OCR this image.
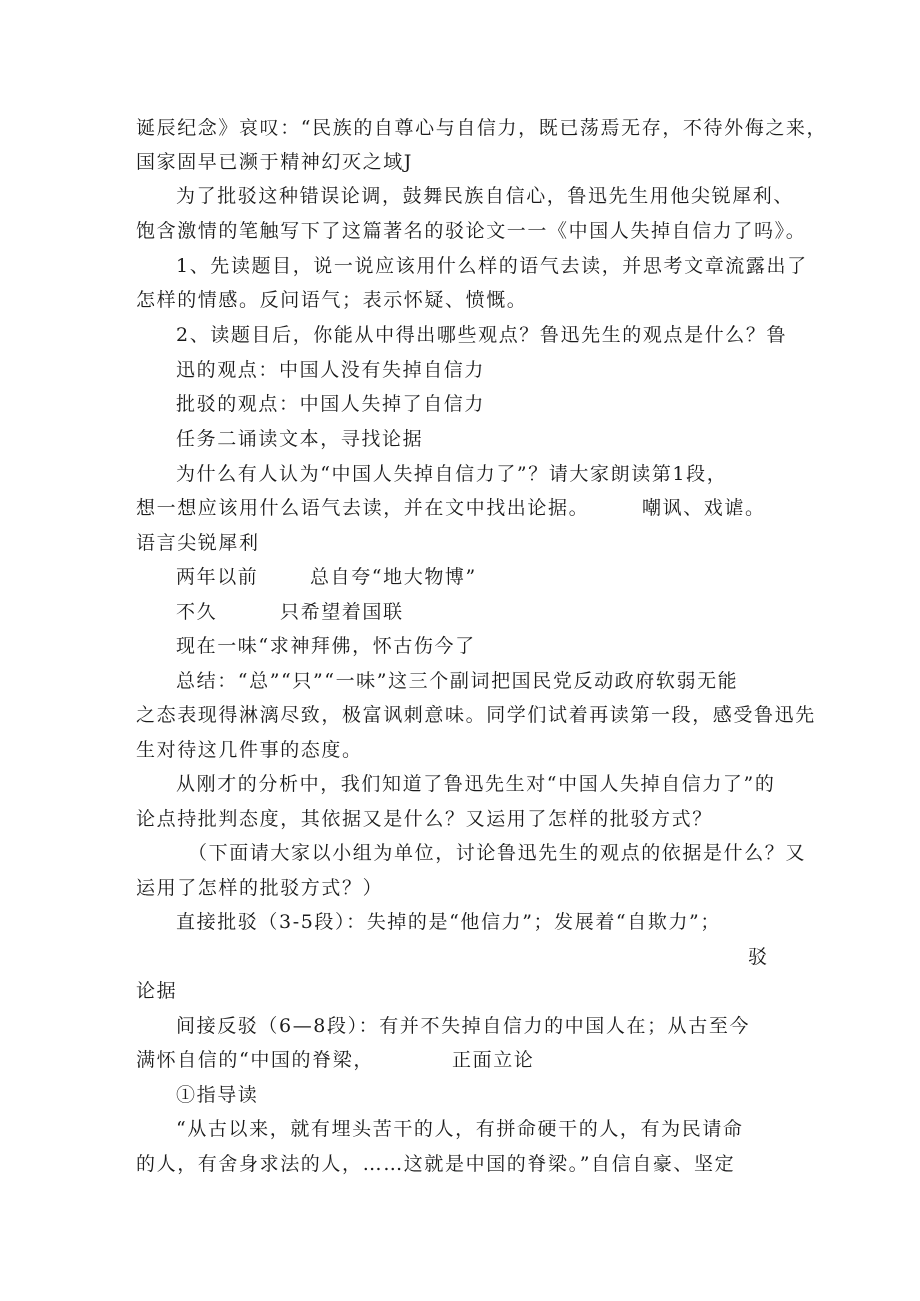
诞辰纪念》哀叹：“民族的自尊心与自信力，既已荡焉无存，不待外侮之来，
国家固早已濒于精神幻灭之域J
为了批驳这种错误论调，鼓舞民族自信心，鲁迅先生用他尖锐犀利、
饱含激情的笔触写下了这篇著名的驳论文一一《中国人失掉自信力了吗》。
1、先读题目，说一说应该用什么样的语气去读，并思考文章流露出了
怎样的情感。反问语气；表示怀疑、愤慨。
2、读题目后，你能从中得出哪些观点？鲁迅先生的观点是什么？鲁
迅的观点：中国人没有失掉自信力
批驳的观点：中国人失掉了自信力
任务二诵读文本，寻找论据
为什么有人认为“中国人失掉自信力了”？请大家朗读第1段，
想一想应该用什么语气去读，并在文中找出论据。	嘲讽、戏谑。
语言尖锐犀利
两年以前	总自夸“地大物博”
不久	只希望着国联
现在一味“求神拜佛，怀古伤今了
总结：“总”“只”“一味”这三个副词把国民党反动政府软弱无能
之态表现得淋漓尽致，极富讽刺意味。同学们试着再读第一段，感受鲁迅先
生对待这几件事的态度。
从刚才的分析中，我们知道了鲁迅先生对“中国人失掉自信力了”的
论点持批判态度，其依据又是什么？又运用了怎样的批驳方式？
（下面请大家以小组为单位，讨论鲁迅先生的观点的依据是什么？又
运用了怎样的批驳方式？）
直接批驳（3-5段）：失掉的是“他信力”；发展着“自欺力”；
驳
论据
间接反驳（6—8段）：有并不失掉自信力的中国人在；从古至今
满怀自信的“中国的脊梁，	正面立论
①指导读
“从古以来，就有埋头苦干的人，有拼命硬干的人，有为民请命
的人，有舍身求法的人，……这就是中国的脊梁。”自信自豪、坚定
